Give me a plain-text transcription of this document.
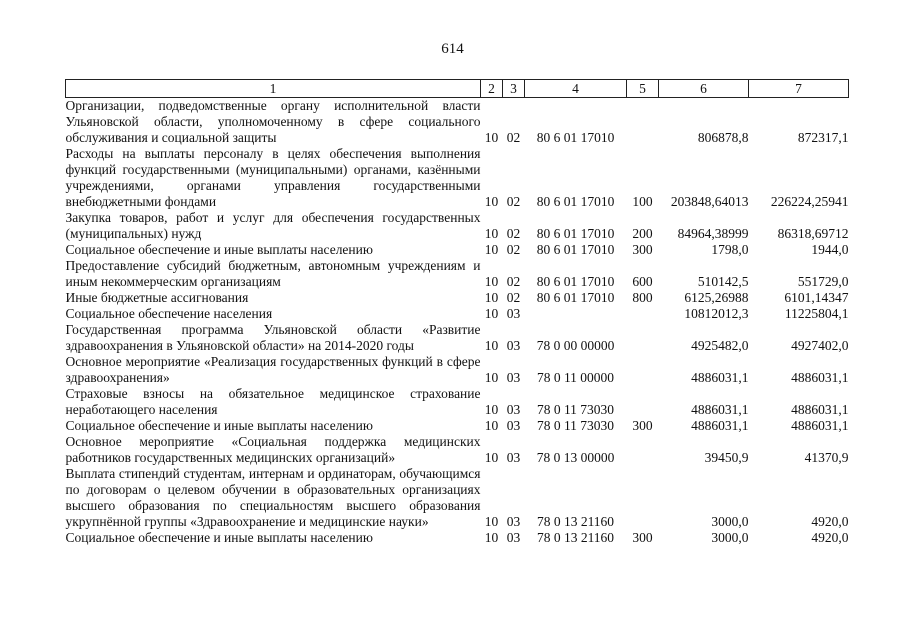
614
1	2	3	4	5	6	7
Организации, подведомственные органу исполнительной власти Ульяновской области, уполномоченному в сфере социального обслуживания и социальной защиты	10	02	80 6 01 17010		806878,8	872317,1
Расходы на выплаты персоналу в целях обеспечения выполнения функций государственными (муниципальными) органами, казёнными учреждениями, органами управления государственными внебюджетными фондами	10	02	80 6 01 17010	100	203848,64013	226224,25941
Закупка товаров, работ и услуг для обеспечения государственных (муниципальных) нужд	10	02	80 6 01 17010	200	84964,38999	86318,69712
Социальное обеспечение и иные выплаты населению	10	02	80 6 01 17010	300	1798,0	1944,0
Предоставление субсидий бюджетным, автономным учреждениям и иным некоммерческим организациям	10	02	80 6 01 17010	600	510142,5	551729,0
Иные бюджетные ассигнования	10	02	80 6 01 17010	800	6125,26988	6101,14347
Социальное обеспечение населения	10	03			10812012,3	11225804,1
Государственная программа Ульяновской области «Развитие здравоохранения в Ульяновской области» на 2014-2020 годы	10	03	78 0 00 00000		4925482,0	4927402,0
Основное мероприятие «Реализация государственных функций в сфере здравоохранения»	10	03	78 0 11 00000		4886031,1	4886031,1
Страховые взносы на обязательное медицинское страхование неработающего населения	10	03	78 0 11 73030		4886031,1	4886031,1
Социальное обеспечение и иные выплаты населению	10	03	78 0 11 73030	300	4886031,1	4886031,1
Основное мероприятие «Социальная поддержка медицинских работников государственных медицинских организаций»	10	03	78 0 13 00000		39450,9	41370,9
Выплата стипендий студентам, интернам и ординаторам, обучающимся по договорам о целевом обучении в образовательных организациях высшего образования по специальностям высшего образования укрупнённой группы «Здравоохранение и медицинские науки»	10	03	78 0 13 21160		3000,0	4920,0
Социальное обеспечение и иные выплаты населению	10	03	78 0 13 21160	300	3000,0	4920,0
